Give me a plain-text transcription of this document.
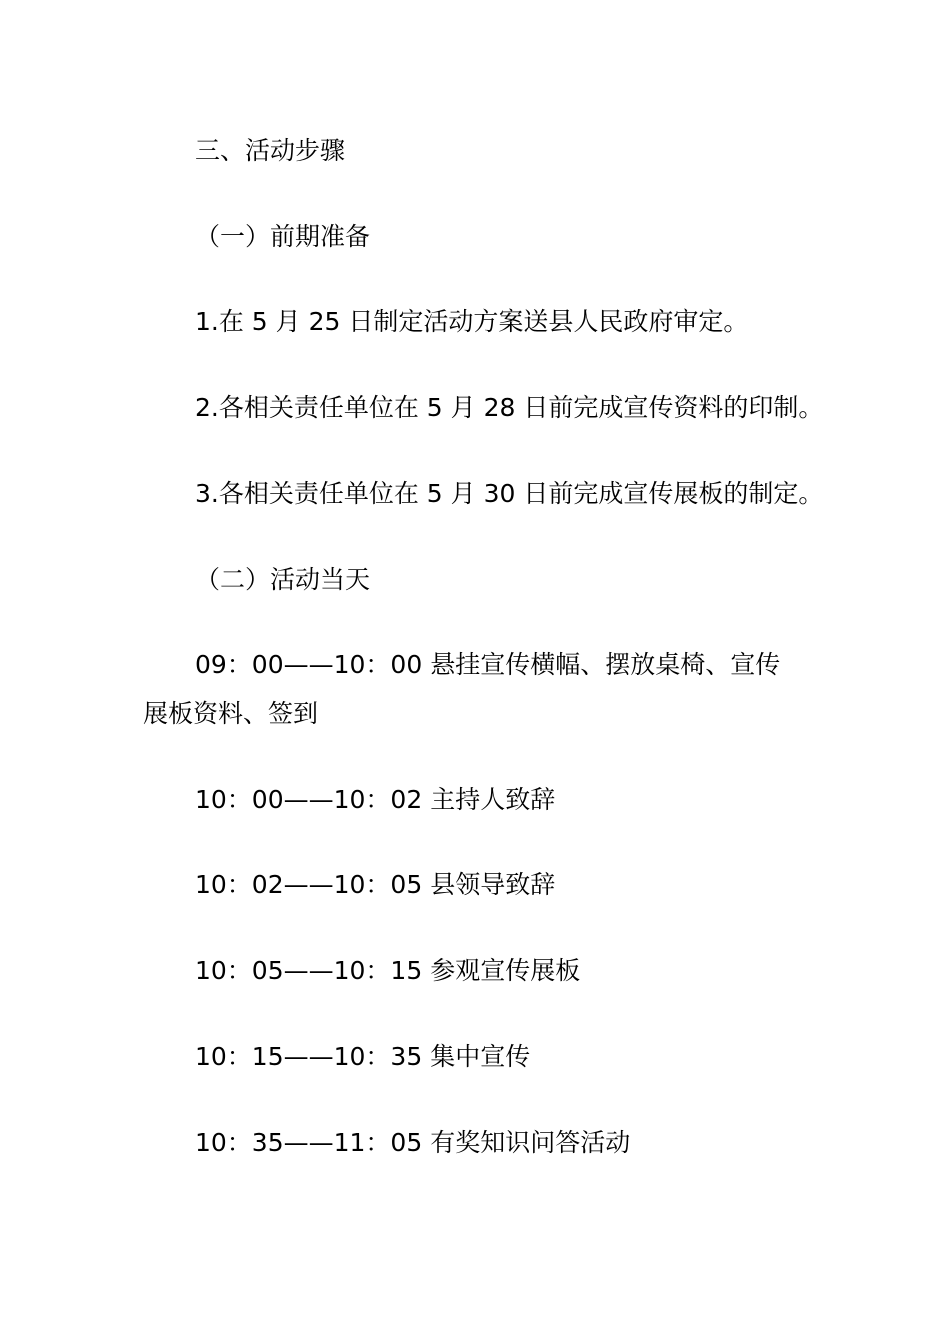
三、活动步骤
（一）前期准备
1.在 5 月 25 日制定活动方案送县人民政府审定。
2.各相关责任单位在 5 月 28 日前完成宣传资料的印制。
3.各相关责任单位在 5 月 30 日前完成宣传展板的制定。
（二）活动当天
09：00——10：00 悬挂宣传横幅、摆放桌椅、宣传
展板资料、签到
10：00——10：02 主持人致辞
10：02——10：05 县领导致辞
10：05——10：15 参观宣传展板
10：15——10：35 集中宣传
10：35——11：05 有奖知识问答活动
